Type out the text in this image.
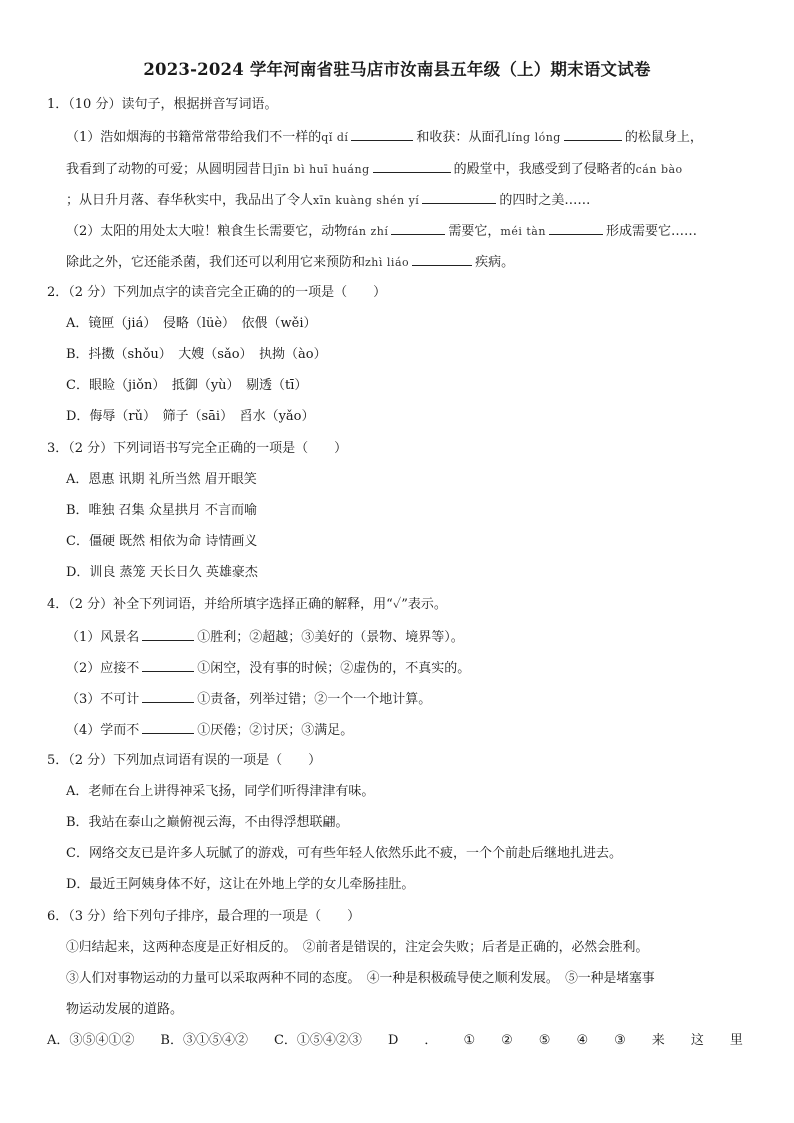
2023-2024 学年河南省驻马店市汝南县五年级（上）期末语文试卷
1．（10 分）读句子，根据拼音写词语。
（1）浩如烟海的书籍常常带给我们不一样的qǐ dí	和收获：从面孔líng lóng	的松鼠身上，
我看到了动物的可爱；从圆明园昔日jīn bì huī huáng	的殿堂中，我感受到了侵略者的cán bào
；从日升月落、春华秋实中，我品出了令人xīn kuàng shén yí	的四时之美……
（2）太阳的用处太大啦！粮食生长需要它，动物fán zhí	需要它，méi tàn	形成需要它……
除此之外，它还能杀菌，我们还可以利用它来预防和zhì liáo	疾病。
2．（2 分）下列加点字的读音完全正确的的一项是（　　）
A．镜匣（jiá）　侵略（lüè）　依偎（wěi）
B．抖擞（shǒu）　大嫂（sǎo）　执拗（ào）
C．眼睑（jiǒn）　抵御（yù）　剔透（tī）
D．侮辱（rǔ）　筛子（sāi）　舀水（yǎo）
3．（2 分）下列词语书写完全正确的一项是（　　）
A．恩惠 讯期 礼所当然 眉开眼笑
B．唯独 召集 众星拱月 不言而喻
C．僵硬 既然 相依为命 诗情画义
D．训良 蒸笼 天长日久 英雄豪杰
4．（2 分）补全下列词语，并给所填字选择正确的解释，用“✓”表示。
（1）风景名	①胜利；②超越；③美好的（景物、境界等）。
（2）应接不	①闲空，没有事的时候；②虚伪的，不真实的。
（3）不可计	①责备，列举过错；②一个一个地计算。
（4）学而不	①厌倦；②讨厌；③满足。
5．（2 分）下列加点词语有误的一项是（　　）
A．老师在台上讲得神采飞扬，同学们听得津津有味。
B．我站在泰山之巅俯视云海，不由得浮想联翩。
C．网络交友已是许多人玩腻了的游戏，可有些年轻人依然乐此不疲，一个个前赴后继地扎进去。
D．最近王阿姨身体不好，这让在外地上学的女儿牵肠挂肚。
6．（3 分）给下列句子排序，最合理的一项是（　　）
①归结起来，这两种态度是正好相反的。　②前者是错误的，注定会失败；后者是正确的，必然会胜利。
③人们对事物运动的力量可以采取两种不同的态度。　④一种是积极疏导使之顺利发展。　⑤一种是堵塞事
物运动发展的道路。
A．③⑤④①② B．③①⑤④② C．①⑤④②③ D ． ① ② ⑤ ④ ③ 来 这 里
